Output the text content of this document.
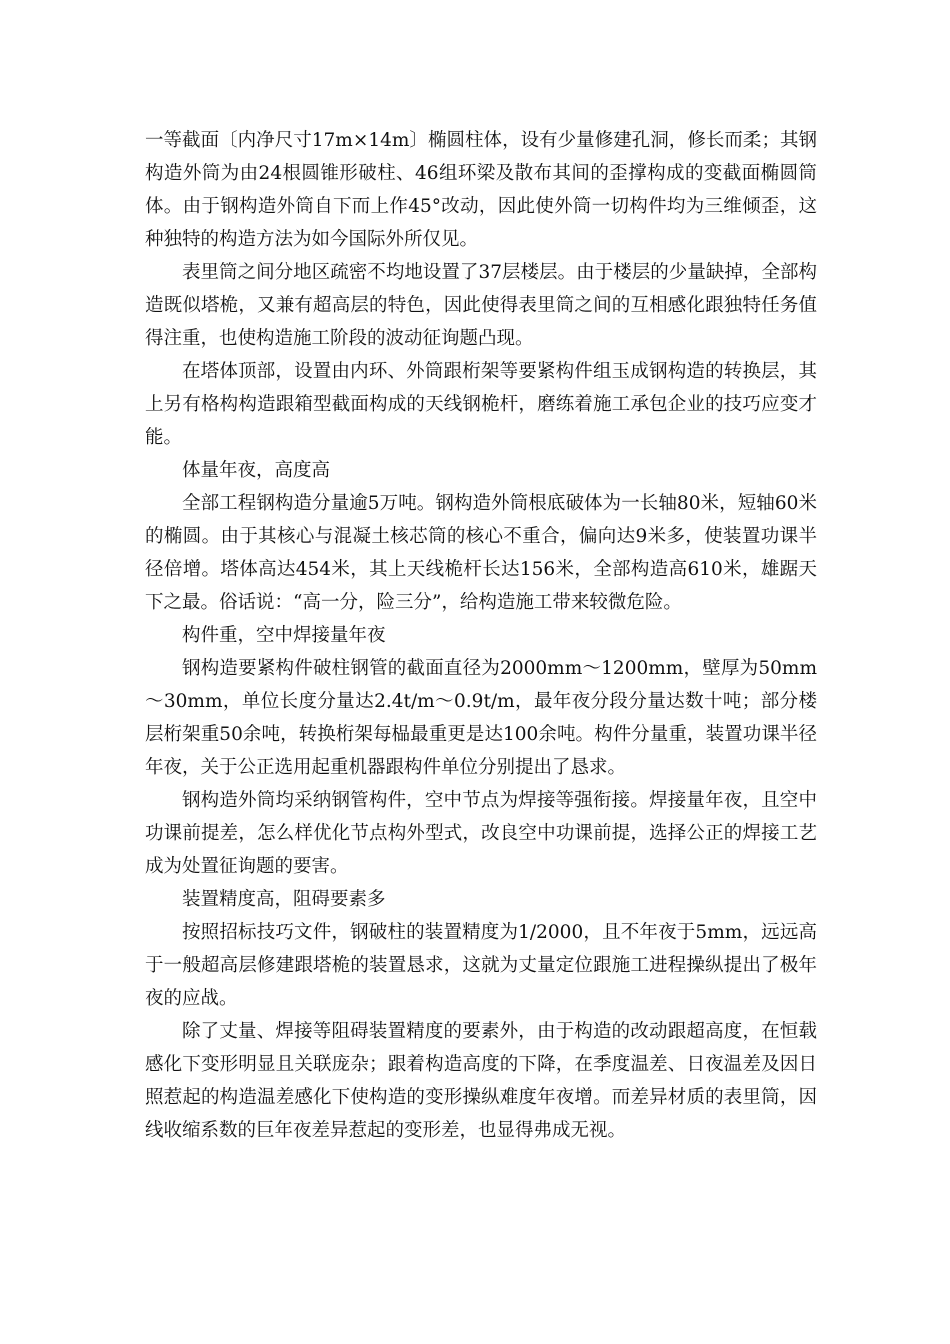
一等截面〔内净尺寸17m×14m〕椭圆柱体，设有少量修建孔洞，修长而柔；其钢构造外筒为由24根圆锥形破柱、46组环梁及散布其间的歪撑构成的变截面椭圆筒体。由于钢构造外筒自下而上作45°改动，因此使外筒一切构件均为三维倾歪，这种独特的构造方法为如今国际外所仅见。

表里筒之间分地区疏密不均地设置了37层楼层。由于楼层的少量缺掉，全部构造既似塔桅，又兼有超高层的特色，因此使得表里筒之间的互相感化跟独特任务值得注重，也使构造施工阶段的波动征询题凸现。

在塔体顶部，设置由内环、外筒跟桁架等要紧构件组玉成钢构造的转换层，其上另有格构构造跟箱型截面构成的天线钢桅杆，磨练着施工承包企业的技巧应变才能。

体量年夜，高度高

全部工程钢构造分量逾5万吨。钢构造外筒根底破体为一长轴80米，短轴60米的椭圆。由于其核心与混凝土核芯筒的核心不重合，偏向达9米多，使装置功课半径倍增。塔体高达454米，其上天线桅杆长达156米，全部构造高610米，雄踞天下之最。俗话说：“高一分，险三分”，给构造施工带来较微危险。

构件重，空中焊接量年夜

钢构造要紧构件破柱钢管的截面直径为2000mm～1200mm，壁厚为50mm～30mm，单位长度分量达2.4t/m～0.9t/m，最年夜分段分量达数十吨；部分楼层桁架重50余吨，转换桁架每榀最重更是达100余吨。构件分量重，装置功课半径年夜，关于公正选用起重机器跟构件单位分别提出了恳求。

钢构造外筒均采纳钢管构件，空中节点为焊接等强衔接。焊接量年夜，且空中功课前提差，怎么样优化节点构外型式，改良空中功课前提，选择公正的焊接工艺成为处置征询题的要害。

装置精度高，阻碍要素多

按照招标技巧文件，钢破柱的装置精度为1/2000，且不年夜于5mm，远远高于一般超高层修建跟塔桅的装置恳求，这就为丈量定位跟施工进程操纵提出了极年夜的应战。

除了丈量、焊接等阻碍装置精度的要素外，由于构造的改动跟超高度，在恒载感化下变形明显且关联庞杂；跟着构造高度的下降，在季度温差、日夜温差及因日照惹起的构造温差感化下使构造的变形操纵难度年夜增。而差异材质的表里筒，因线收缩系数的巨年夜差异惹起的变形差，也显得弗成无视。
